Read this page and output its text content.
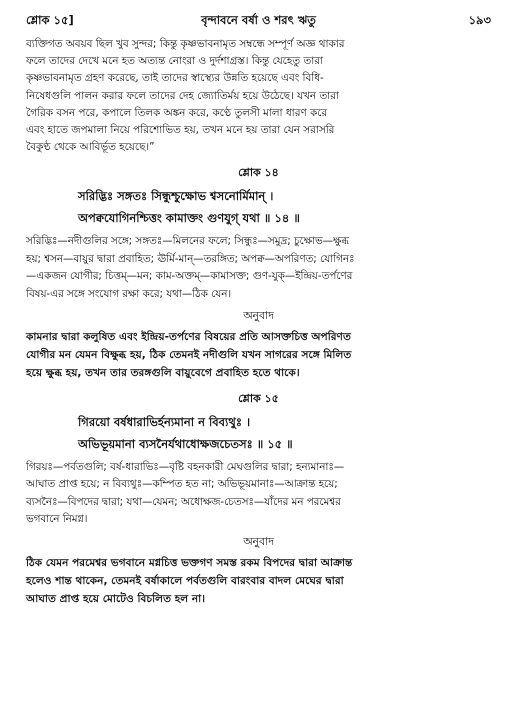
শ্লোক ১৫]	বৃন্দাবনে বর্ষা ও শরৎ ঋতু	১৯৩
ব্যক্তিগত অবয়ব ছিল খুব সুন্দর; কিন্তু কৃষ্ণভাবনামৃত সম্বন্ধে সম্পূর্ণ অজ্ঞ থাকার
ফলে তাদের দেখে মনে হত অত্যন্ত নোংরা ও দুর্দশাগ্রস্ত। কিন্তু যেহেতু তারা
কৃষ্ণভাবনামৃত গ্রহণ করেছে, তাই তাদের স্বাস্থ্যের উন্নতি হয়েছে এবং বিধি-
নিষেধগুলি পালন করার ফলে তাদের দেহ জ্যোতির্ময় হয়ে উঠেছে। যখন তারা
গৈরিক বসন পরে, কপালে তিলক অঙ্কন করে, কণ্ঠে তুলসী মালা ধারণ করে
এবং হাতে জপমালা নিয়ে পরিশোভিত হয়, তখন মনে হয় তারা যেন সরাসরি
বৈকুণ্ঠ থেকে আবির্ভূত হয়েছে।”
শ্লোক ১৪
সরিদ্ভিঃ সঙ্গতঃ সিন্ধুশ্চুক্ষোভ শ্বসনোর্মিমান্ ।
অপক্বযোগিনশ্চিত্তং কামাক্তং গুণযুগ্ যথা ॥ ১৪ ॥
সরিদ্ভিঃ—নদীগুলির সঙ্গে; সঙ্গতঃ—মিলনের ফলে; সিন্ধুঃ—সমুদ্র; চুক্ষোভ—ক্ষুব্ধ
হয়; শ্বসন—বায়ুর দ্বারা প্রবাহিত; ঊর্মি-মান্—তরঙ্গিত; অপক্ব—অপরিণত; যোগিনঃ
—একজন যোগীর; চিত্তম্—মন; কাম-অক্তম্—কামাসক্ত; গুণ-যুক্—ইন্দ্রিয়-তর্পণের
বিষয়-এর সঙ্গে সংযোগ রক্ষা করে; যথা—ঠিক যেন।
অনুবাদ
কামনার দ্বারা কলুষিত এবং ইন্দ্রিয়-তর্পণের বিষয়ের প্রতি আসক্তচিত্ত অপরিণত
যোগীর মন যেমন বিক্ষুব্ধ হয়, ঠিক তেমনই নদীগুলি যখন সাগরের সঙ্গে মিলিত
হয়ে ক্ষুব্ধ হয়, তখন তার তরঙ্গগুলি বায়ুবেগে প্রবাহিত হতে থাকে।
শ্লোক ১৫
গিরয়ো বর্ষধারাভির্হন্যমানা ন বিব্যথুঃ ।
অভিভূয়মানা ব্যসনৈর্যথাধোক্ষজচেতসঃ ॥ ১৫ ॥
গিরয়ঃ—পর্বতগুলি; বর্ষ-ধারাভিঃ—বৃষ্টি বহনকারী মেঘগুলির দ্বারা; হন্যমানাঃ—
আঘাত প্রাপ্ত হয়ে; ন বিব্যথুঃ—কম্পিত হত না; অভিভূয়মানাঃ—আক্রান্ত হয়ে;
ব্যসনৈঃ—বিপদের দ্বারা; যথা—যেমন; অধোক্ষজ-চেতসঃ—যাঁদের মন পরমেশ্বর
ভগবানে নিমগ্ন।
অনুবাদ
ঠিক যেমন পরমেশ্বর ভগবানে মগ্নচিত্ত ভক্তগণ সমস্ত রকম বিপদের দ্বারা আক্রান্ত
হলেও শান্ত থাকেন, তেমনই বর্ষাকালে পর্বতগুলি বারংবার বাদল মেঘের দ্বারা
আঘাত প্রাপ্ত হয়ে মোটেও বিচলিত হল না।
